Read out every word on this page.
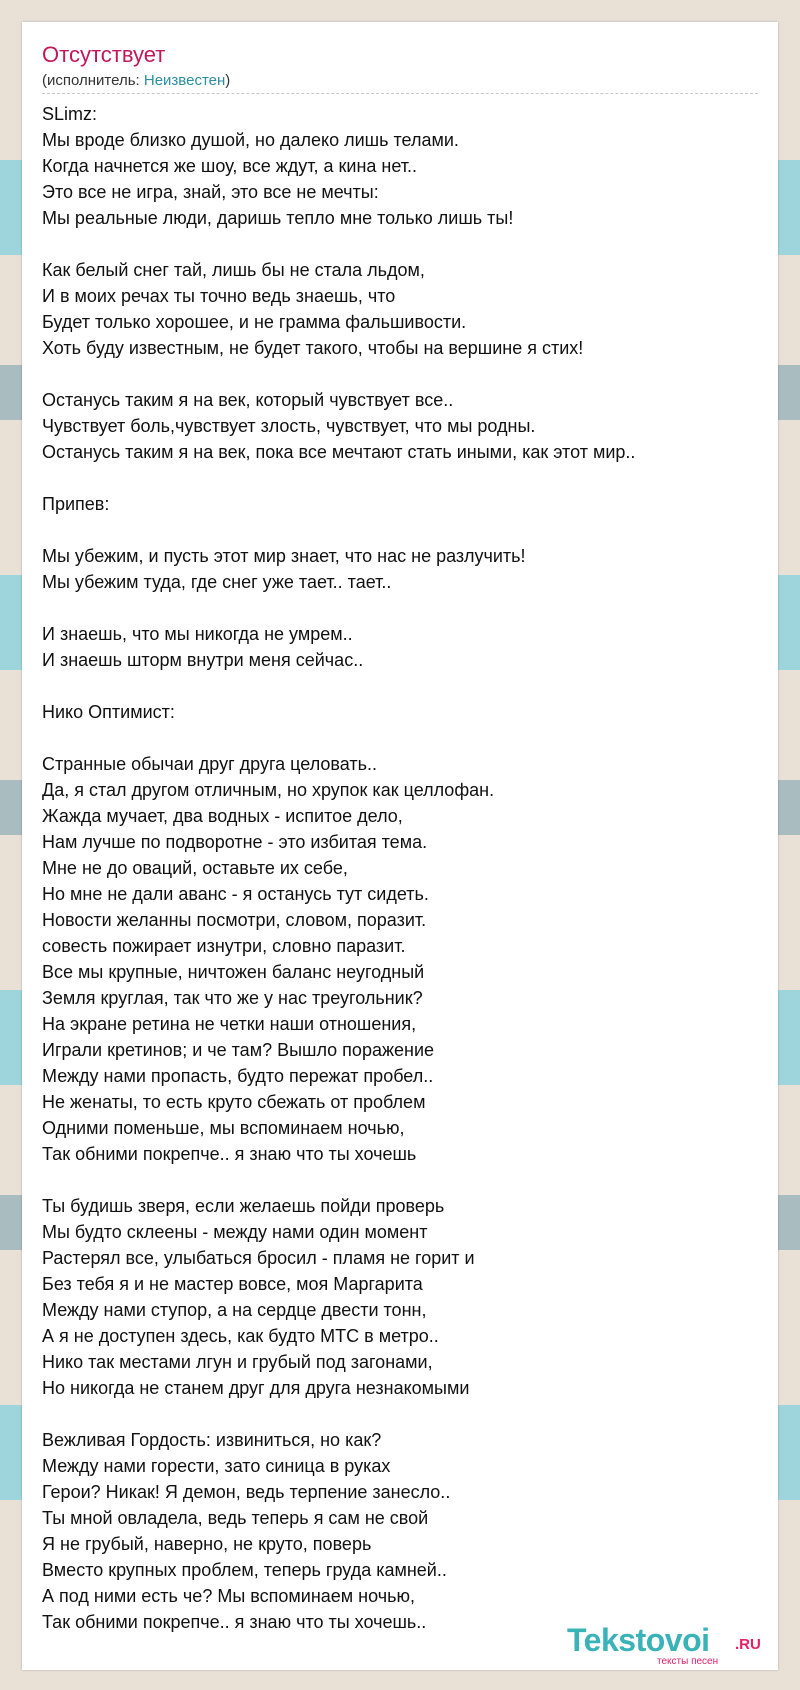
Отсутствует
(исполнитель: Неизвестен)
SLimz:
Мы вроде близко душой, но далеко лишь телами.
Когда начнется же шоу, все ждут, а кина нет..
Это все не игра, знай, это все не мечты:
Мы реальные люди, даришь тепло мне только лишь ты!
Как белый снег тай, лишь бы не стала льдом,
И в моих речах ты точно ведь знаешь, что
Будет только хорошее, и не грамма фальшивости.
Хоть буду известным, не будет такого, чтобы на вершине я стих!
Останусь таким я на век, который чувствует все..
Чувствует боль,чувствует злость, чувствует, что мы родны.
Останусь таким я на век, пока все мечтают стать иными, как этот мир..
Припев:
Мы убежим, и пусть этот мир знает, что нас не разлучить!
Мы убежим туда, где снег уже тает.. тает..
И знаешь, что мы никогда не умрем..
И знаешь шторм внутри меня сейчас..
Нико Оптимист:
Странные обычаи друг друга целовать..
Да, я стал другом отличным, но хрупок как целлофан.
Жажда мучает, два водных - испитое дело,
Нам лучше по подворотне - это избитая тема.
Мне не до оваций, оставьте их себе,
Но мне не дали аванс - я останусь тут сидеть.
Новости желанны посмотри, словом, поразит.
совесть пожирает изнутри, словно паразит.
Все мы крупные, ничтожен баланс неугодный
Земля круглая, так что же у нас треугольник?
На экране ретина не четки наши отношения,
Играли кретинов; и че там? Вышло поражение
Между нами пропасть, будто пережат пробел..
Не женаты, то есть круто сбежать от проблем
Одними поменьше, мы вспоминаем ночью,
Так обними покрепче.. я знаю что ты хочешь
Ты будишь зверя, если желаешь пойди проверь
Мы будто склеены - между нами один момент
Растерял все, улыбаться бросил - пламя не горит и
Без тебя я и не мастер вовсе, моя Маргарита
Между нами ступор, а на сердце двести тонн,
А я не доступен здесь, как будто МТС в метро..
Нико так местами лгун и грубый под загонами,
Но никогда не станем друг для друга незнакомыми
Вежливая Гордость: извиниться, но как?
Между нами горести, зато синица в руках
Герои? Никак! Я демон, ведь терпение занесло..
Ты мной овладела, ведь теперь я сам не свой
Я не грубый, наверно, не круто, поверь
Вместо крупных проблем, теперь груда камней..
А под ними есть че? Мы вспоминаем ночью,
Так обними покрепче.. я знаю что ты хочешь..	Tekstovoi .RU
тексты песен
